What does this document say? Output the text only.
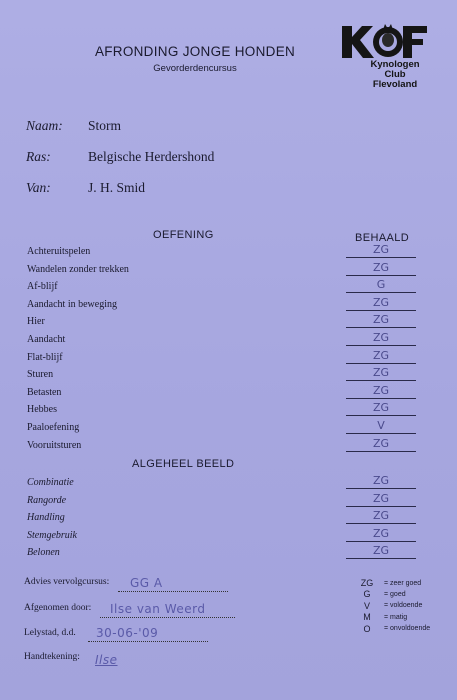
AFRONDING JONGE HONDEN
Gevorderdencursus	Kynologen
Club
Flevoland
Naam: Storm
Ras:	Belgische Herdershond
Van:	J. H. Smid
OEFENING	BEHAALD
Achteruitspelen	ZG
Wandelen zonder trekken	ZG
Af-blijf	G
Aandacht in beweging	ZG
Hier	ZG
Aandacht	ZG
Flat-blijf	ZG
Sturen	ZG
Betasten	ZG
Hebbes	ZG
Paaloefening	V
Vooruitsturen	ZG
ALGEHEEL BEELD
Combinatie	ZG
Rangorde	ZG
Handling	ZG
Stemgebruik	ZG
Belonen	ZG
Advies vervolgcursus: GG A
Afgenomen door: Ilse van Weerd
Lelystad, d.d. 30-06-'09
Handtekening: Ilse
ZG	= zeer goed
G	= goed
V	= voldoende
M	= matig
O	= onvoldoende
